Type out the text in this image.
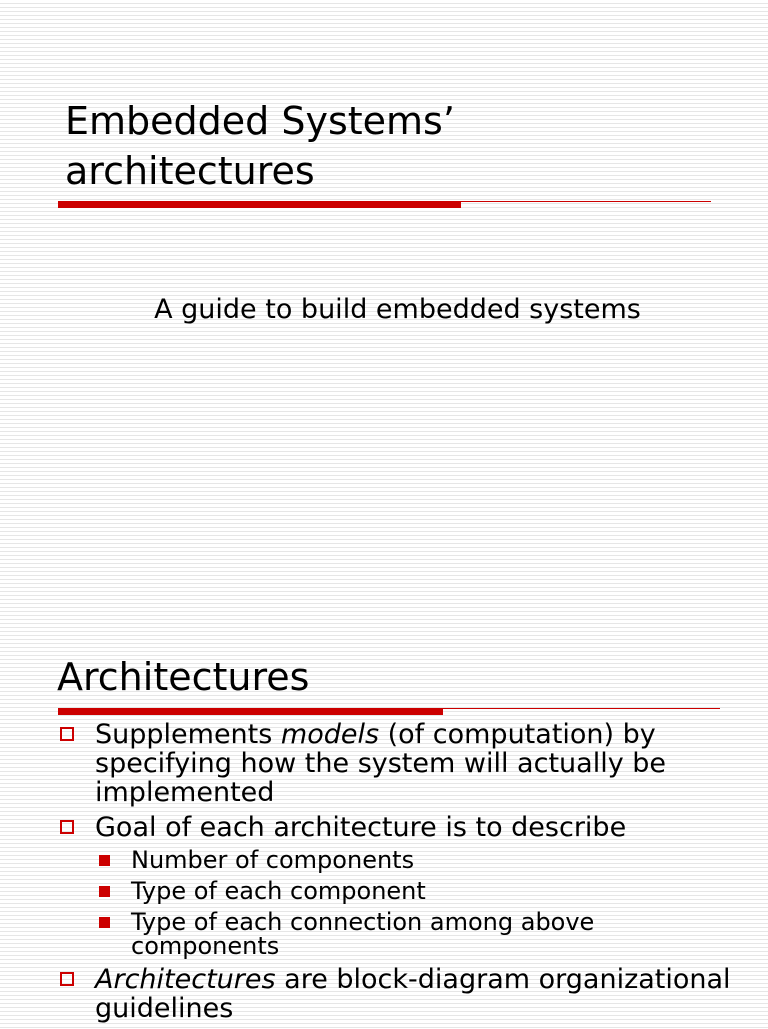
Embedded Systems’
architectures

A guide to build embedded systems

Architectures
Supplements models (of computation) by specifying how the system will actually be implemented
Goal of each architecture is to describe
Number of components
Type of each component
Type of each connection among above components
Architectures are block-diagram organizational guidelines
